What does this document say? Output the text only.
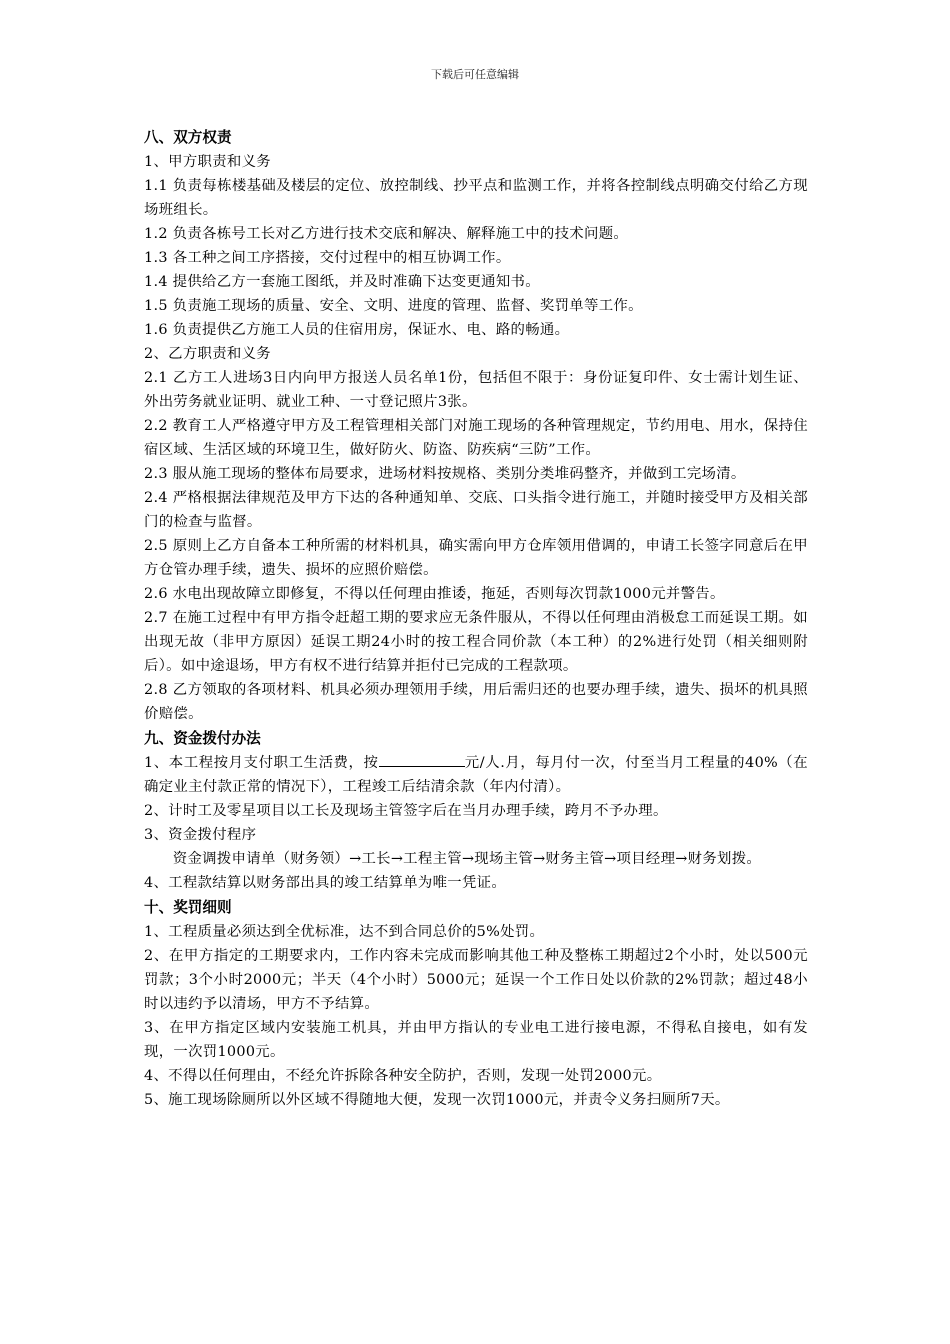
下载后可任意编辑
八、双方权责

1、甲方职责和义务

1.1 负责每栋楼基础及楼层的定位、放控制线、抄平点和监测工作，并将各控制线点明确交付给乙方现场班组长。

1.2 负责各栋号工长对乙方进行技术交底和解决、解释施工中的技术问题。

1.3 各工种之间工序搭接，交付过程中的相互协调工作。

1.4 提供给乙方一套施工图纸，并及时准确下达变更通知书。

1.5 负责施工现场的质量、安全、文明、进度的管理、监督、奖罚单等工作。

1.6 负责提供乙方施工人员的住宿用房，保证水、电、路的畅通。

2、乙方职责和义务

2.1 乙方工人进场3日内向甲方报送人员名单1份，包括但不限于：身份证复印件、女士需计划生证、外出劳务就业证明、就业工种、一寸登记照片3张。

2.2 教育工人严格遵守甲方及工程管理相关部门对施工现场的各种管理规定，节约用电、用水，保持住宿区域、生活区域的环境卫生，做好防火、防盗、防疾病“三防”工作。

2.3 服从施工现场的整体布局要求，进场材料按规格、类别分类堆码整齐，并做到工完场清。

2.4 严格根据法律规范及甲方下达的各种通知单、交底、口头指令进行施工，并随时接受甲方及相关部门的检查与监督。

2.5 原则上乙方自备本工种所需的材料机具，确实需向甲方仓库领用借调的，申请工长签字同意后在甲方仓管办理手续，遗失、损坏的应照价赔偿。

2.6 水电出现故障立即修复，不得以任何理由推诿，拖延，否则每次罚款1000元并警告。

2.7 在施工过程中有甲方指令赶超工期的要求应无条件服从，不得以任何理由消极怠工而延误工期。如出现无故（非甲方原因）延误工期24小时的按工程合同价款（本工种）的2%进行处罚（相关细则附后）。如中途退场，甲方有权不进行结算并拒付已完成的工程款项。

2.8 乙方领取的各项材料、机具必须办理领用手续，用后需归还的也要办理手续，遗失、损坏的机具照价赔偿。

九、资金拨付办法

1、本工程按月支付职工生活费，按	元/人.月，每月付一次，付至当月工程量的40%（在确定业主付款正常的情况下），工程竣工后结清余款（年内付清）。

2、计时工及零星项目以工长及现场主管签字后在当月办理手续，跨月不予办理。

3、资金拨付程序

资金调拨申请单（财务领）→工长→工程主管→现场主管→财务主管→项目经理→财务划拨。

4、工程款结算以财务部出具的竣工结算单为唯一凭证。

十、奖罚细则

1、工程质量必须达到全优标准，达不到合同总价的5%处罚。

2、在甲方指定的工期要求内，工作内容未完成而影响其他工种及整栋工期超过2个小时，处以500元罚款；3个小时2000元；半天（4个小时）5000元；延误一个工作日处以价款的2%罚款；超过48小时以违约予以清场，甲方不予结算。

3、在甲方指定区域内安装施工机具，并由甲方指认的专业电工进行接电源，不得私自接电，如有发现，一次罚1000元。

4、不得以任何理由，不经允许拆除各种安全防护，否则，发现一处罚2000元。

5、施工现场除厕所以外区域不得随地大便，发现一次罚1000元，并责令义务扫厕所7天。
